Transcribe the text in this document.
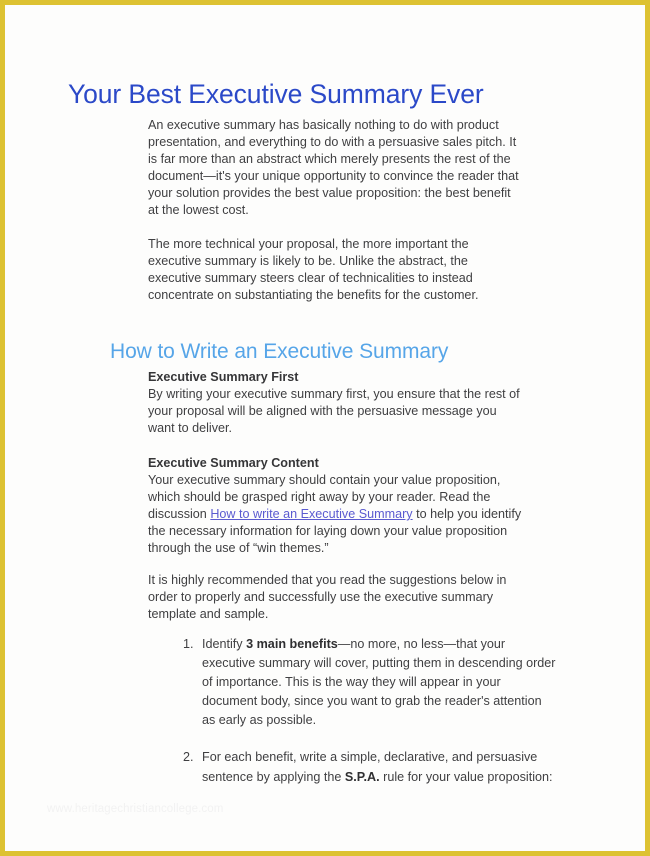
Your Best Executive Summary Ever

An executive summary has basically nothing to do with product presentation, and everything to do with a persuasive sales pitch. It is far more than an abstract which merely presents the rest of the document—it's your unique opportunity to convince the reader that your solution provides the best value proposition: the best benefit at the lowest cost.

The more technical your proposal, the more important the executive summary is likely to be. Unlike the abstract, the executive summary steers clear of technicalities to instead concentrate on substantiating the benefits for the customer.

How to Write an Executive Summary

Executive Summary First
By writing your executive summary first, you ensure that the rest of your proposal will be aligned with the persuasive message you want to deliver.

Executive Summary Content
Your executive summary should contain your value proposition, which should be grasped right away by your reader. Read the discussion How to write an Executive Summary to help you identify the necessary information for laying down your value proposition through the use of “win themes.”

It is highly recommended that you read the suggestions below in order to properly and successfully use the executive summary template and sample.

1. Identify 3 main benefits—no more, no less—that your executive summary will cover, putting them in descending order of importance. This is the way they will appear in your document body, since you want to grab the reader's attention as early as possible.
2. For each benefit, write a simple, declarative, and persuasive sentence by applying the S.P.A. rule for your value proposition:
www.heritagechristiancollege.com
